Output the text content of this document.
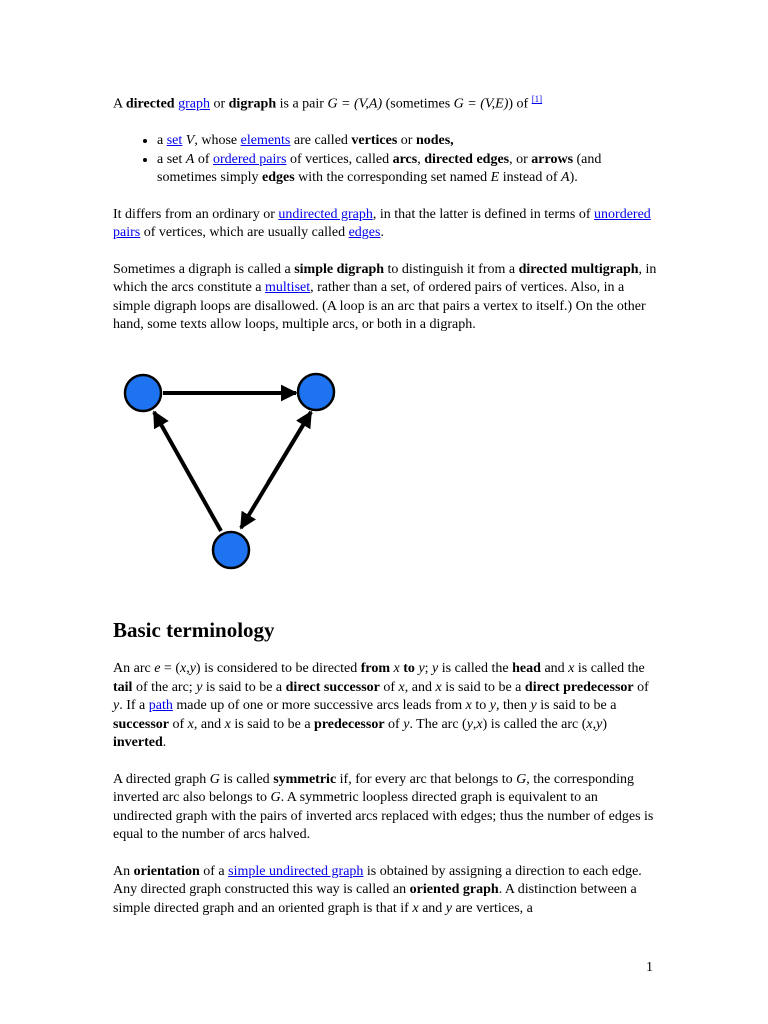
A directed graph or digraph is a pair G = (V,A) (sometimes G = (V,E)) of [1]

• a set V, whose elements are called vertices or nodes,
• a set A of ordered pairs of vertices, called arcs, directed edges, or arrows (and sometimes simply edges with the corresponding set named E instead of A).

It differs from an ordinary or undirected graph, in that the latter is defined in terms of unordered pairs of vertices, which are usually called edges.

Sometimes a digraph is called a simple digraph to distinguish it from a directed multigraph, in which the arcs constitute a multiset, rather than a set, of ordered pairs of vertices. Also, in a simple digraph loops are disallowed. (A loop is an arc that pairs a vertex to itself.) On the other hand, some texts allow loops, multiple arcs, or both in a digraph.

Basic terminology

An arc e = (x,y) is considered to be directed from x to y; y is called the head and x is called the tail of the arc; y is said to be a direct successor of x, and x is said to be a direct predecessor of y. If a path made up of one or more successive arcs leads from x to y, then y is said to be a successor of x, and x is said to be a predecessor of y. The arc (y,x) is called the arc (x,y) inverted.

A directed graph G is called symmetric if, for every arc that belongs to G, the corresponding inverted arc also belongs to G. A symmetric loopless directed graph is equivalent to an undirected graph with the pairs of inverted arcs replaced with edges; thus the number of edges is equal to the number of arcs halved.

An orientation of a simple undirected graph is obtained by assigning a direction to each edge. Any directed graph constructed this way is called an oriented graph. A distinction between a simple directed graph and an oriented graph is that if x and y are vertices, a

1
